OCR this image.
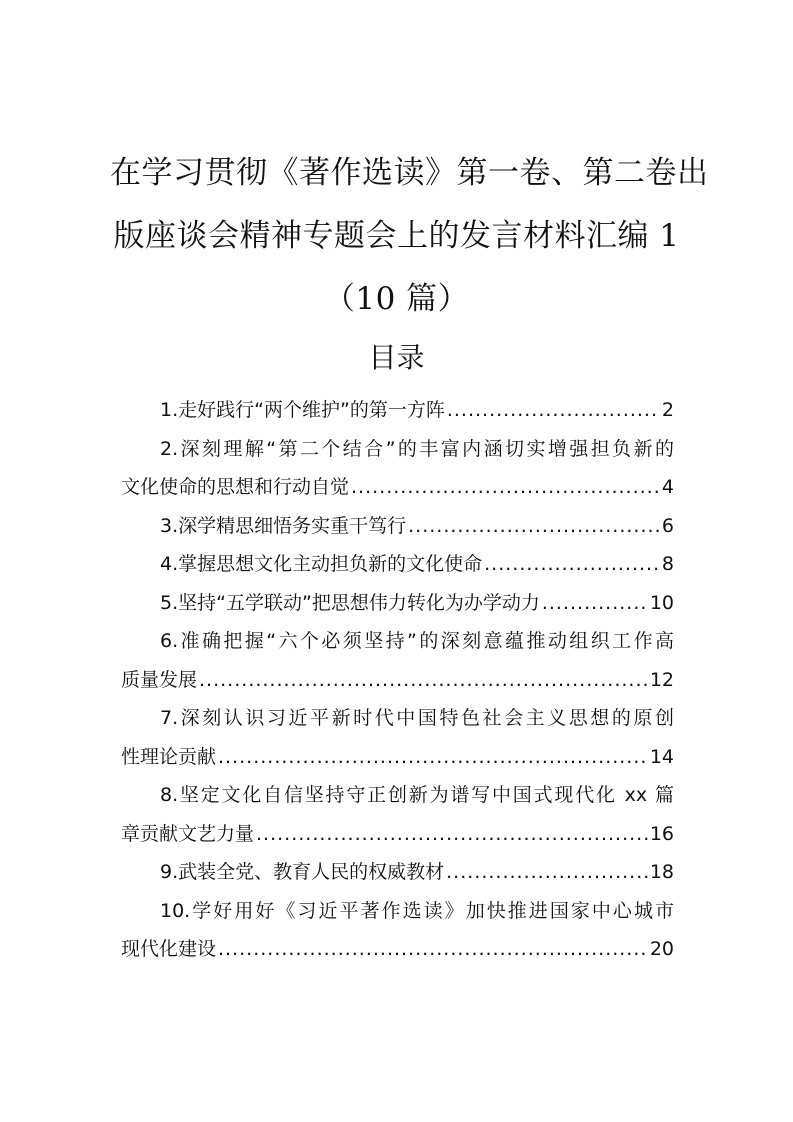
在学习贯彻《著作选读》第一卷、第二卷出
版座谈会精神专题会上的发言材料汇编 1
（10 篇）
目录
1.走好践行“两个维护”的第一方阵 .....	2
2.深刻理解“第二个结合”的丰富内涵切实增强担负新的
文化使命的思想和行动自觉 .....	4
3.深学精思细悟务实重干笃行 .....	6
4.掌握思想文化主动担负新的文化使命 .....	8
5.坚持“五学联动”把思想伟力转化为办学动力 .....	10
6.准确把握“六个必须坚持”的深刻意蕴推动组织工作高
质量发展 .....	12
7.深刻认识习近平新时代中国特色社会主义思想的原创
性理论贡献 .....	14
8.坚定文化自信坚持守正创新为谱写中国式现代化 xx 篇
章贡献文艺力量 .....	16
9.武装全党、教育人民的权威教材 .....	18
10.学好用好《习近平著作选读》加快推进国家中心城市
现代化建设 .....	20
